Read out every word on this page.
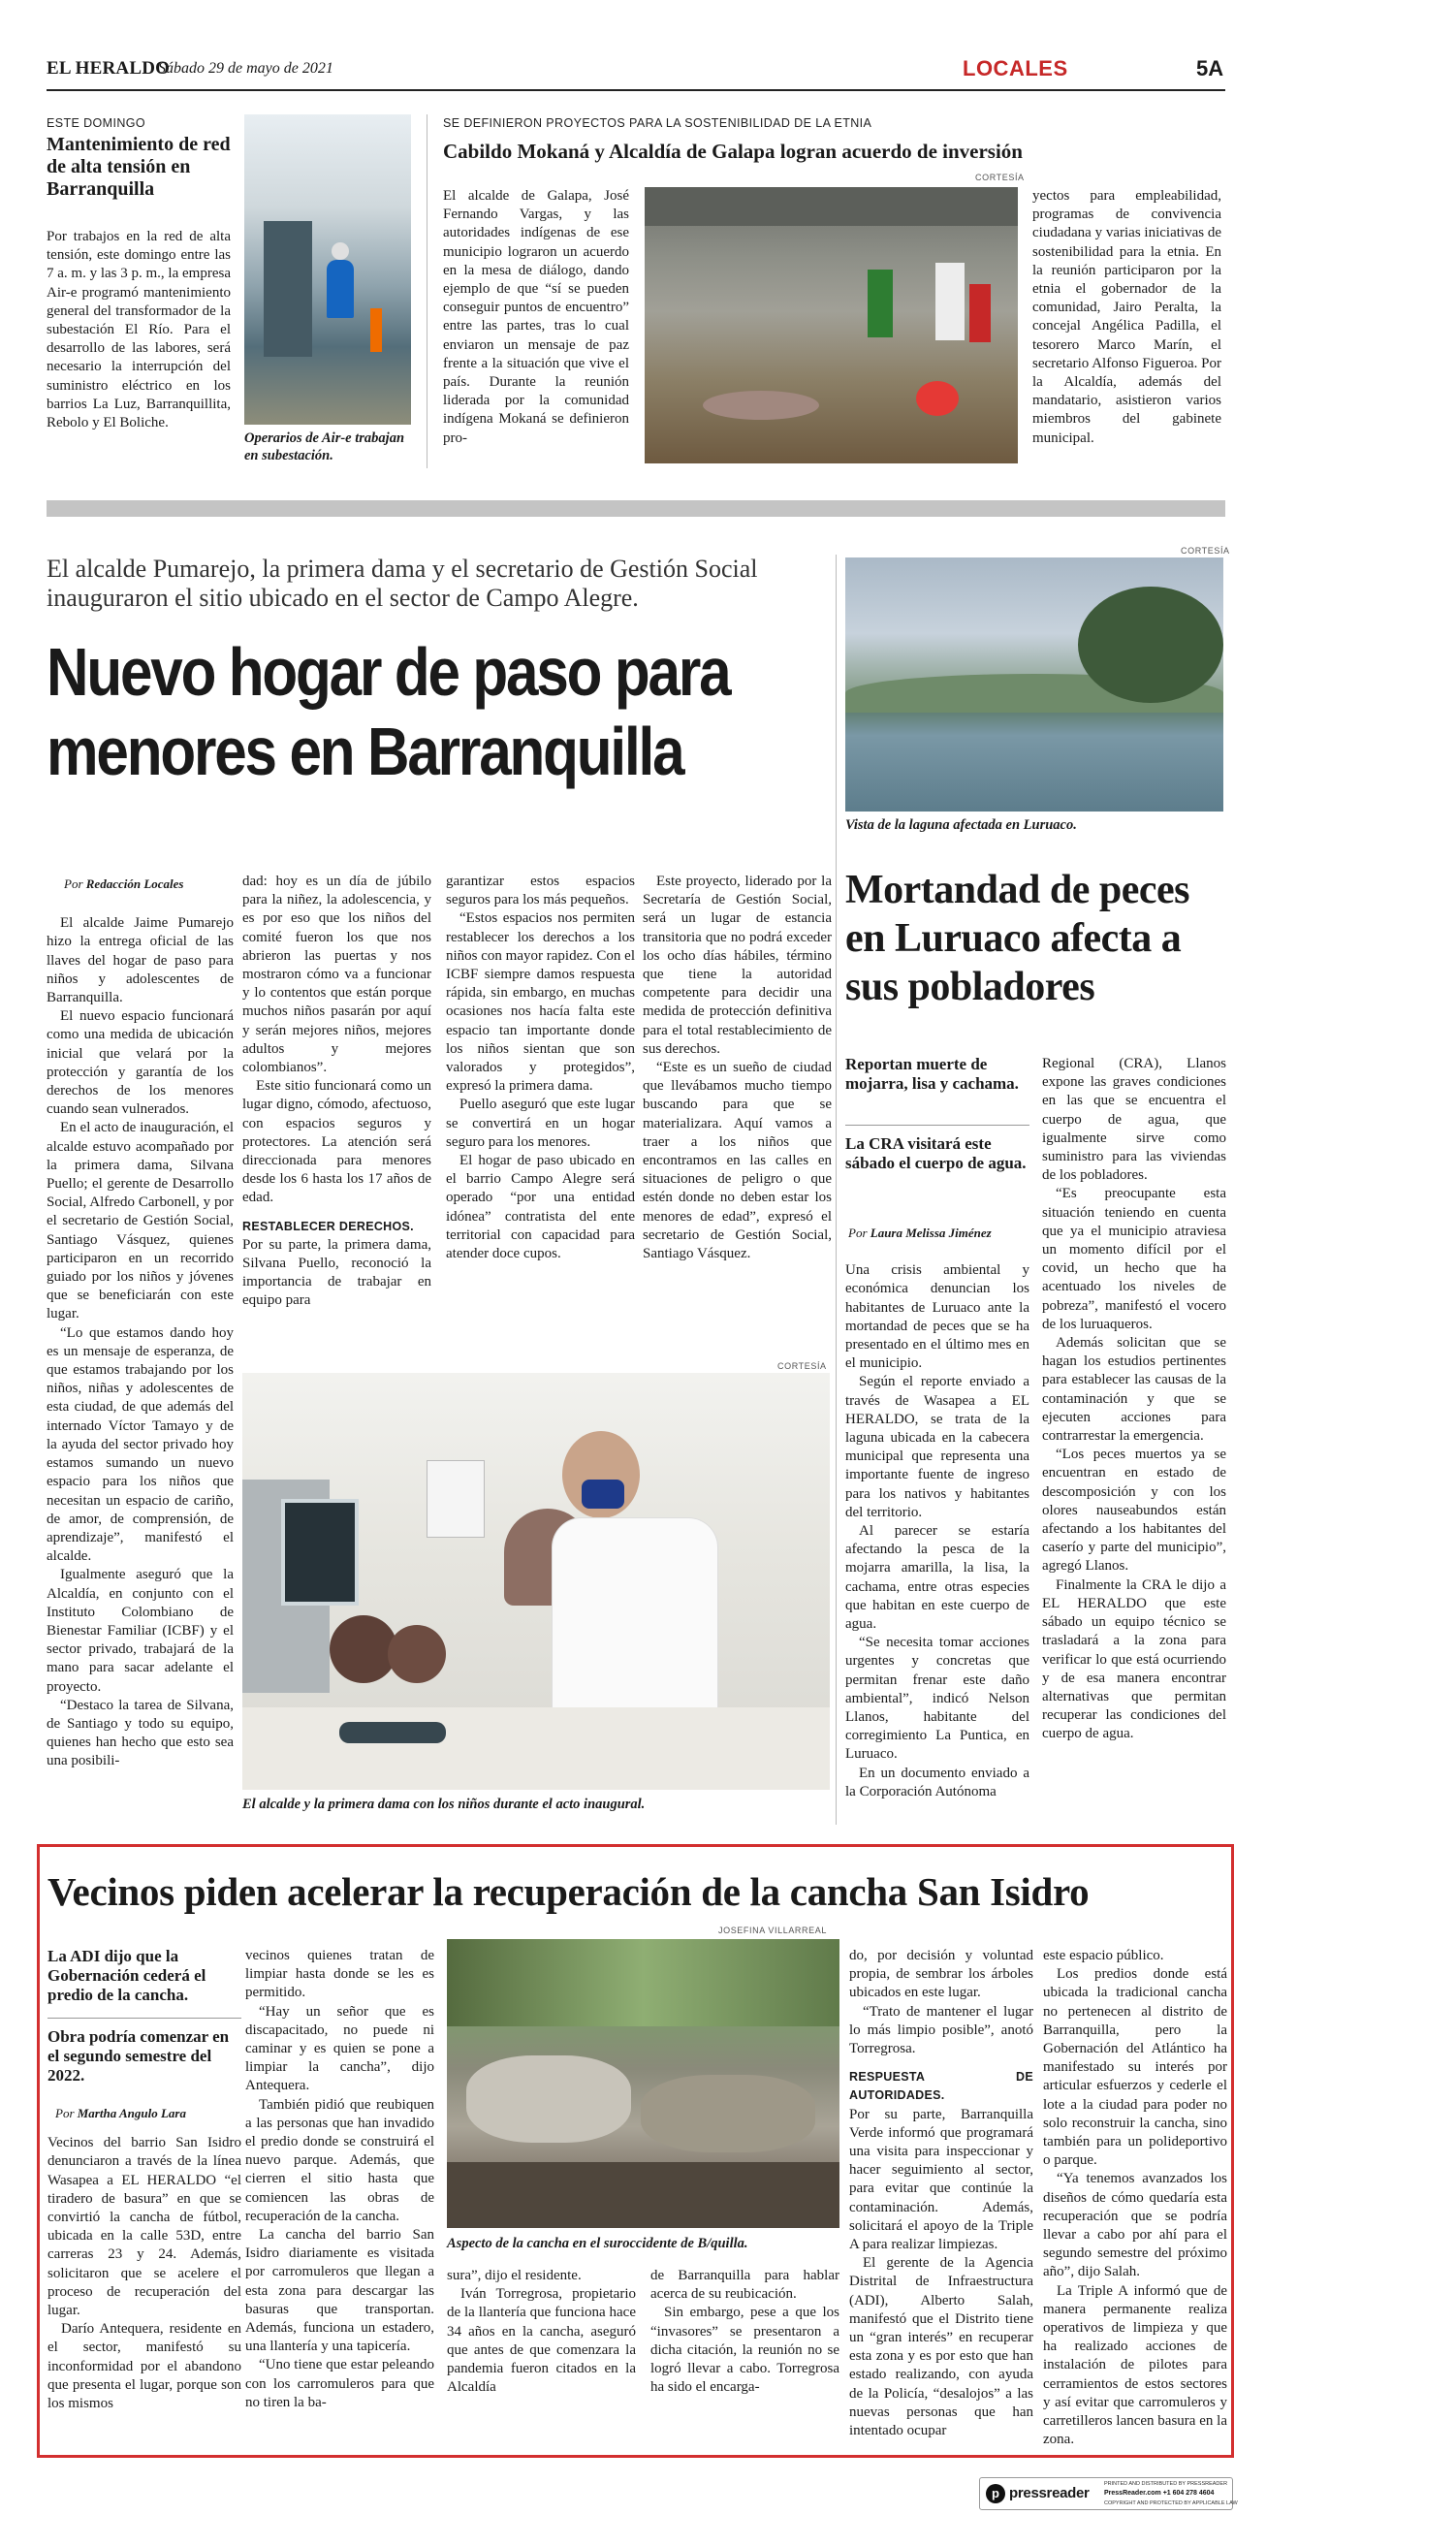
EL HERALDO
Sábado 29 de mayo de 2021	LOCALES	5A
ESTE DOMINGO
Mantenimiento de red de alta tensión en Barranquilla

Por trabajos en la red de alta tensión, este domingo entre las 7 a. m. y las 3 p. m., la empresa Air-e programó mantenimiento general del transformador de la subestación El Río. Para el desarrollo de las labores, será necesario la interrupción del suministro eléctrico en los barrios La Luz, Barranquillita, Rebolo y El Boliche.

Operarios de Air-e trabajan en subestación.
SE DEFINIERON PROYECTOS PARA LA SOSTENIBILIDAD DE LA ETNIA
Cabildo Mokaná y Alcaldía de Galapa logran acuerdo de inversión
CORTESÍA

El alcalde de Galapa, José Fernando Vargas, y las autoridades indígenas de ese municipio lograron un acuerdo en la mesa de diálogo, dando ejemplo de que “sí se pueden conseguir puntos de encuentro” entre las partes, tras lo cual enviaron un mensaje de paz frente a la situación que vive el país. Durante la reunión liderada por la comunidad indígena Mokaná se definieron pro-

yectos para empleabilidad, programas de convivencia ciudadana y varias iniciativas de sostenibilidad para la etnia. En la reunión participaron por la etnia el gobernador de la comunidad, Jairo Peralta, la concejal Angélica Padilla, el tesorero Marco Marín, el secretario Alfonso Figueroa. Por la Alcaldía, además del mandatario, asistieron varios miembros del gabinete municipal.

El alcalde Pumarejo, la primera dama y el secretario de Gestión Social inauguraron el sitio ubicado en el sector de Campo Alegre.
Nuevo hogar de paso para menores en Barranquilla
Por Redacción Locales

El alcalde Jaime Pumarejo hizo la entrega oficial de las llaves del hogar de paso para niños y adolescentes de Barranquilla.

El nuevo espacio funcionará como una medida de ubicación inicial que velará por la protección y garantía de los derechos de los menores cuando sean vulnerados.

En el acto de inauguración, el alcalde estuvo acompañado por la primera dama, Silvana Puello; el gerente de Desarrollo Social, Alfredo Carbonell, y por el secretario de Gestión Social, Santiago Vásquez, quienes participaron en un recorrido guiado por los niños y jóvenes que se beneficiarán con este lugar.

“Lo que estamos dando hoy es un mensaje de esperanza, de que estamos trabajando por los niños, niñas y adolescentes de esta ciudad, de que además del internado Víctor Tamayo y de la ayuda del sector privado hoy estamos sumando un nuevo espacio para los niños que necesitan un espacio de cariño, de amor, de comprensión, de aprendizaje”, manifestó el alcalde.

Igualmente aseguró que la Alcaldía, en conjunto con el Instituto Colombiano de Bienestar Familiar (ICBF) y el sector privado, trabajará de la mano para sacar adelante el proyecto.

“Destaco la tarea de Silvana, de Santiago y todo su equipo, quienes han hecho que esto sea una posibili-

dad: hoy es un día de júbilo para la niñez, la adolescencia, y es por eso que los niños del comité fueron los que nos abrieron las puertas y nos mostraron cómo va a funcionar y lo contentos que están porque muchos niños pasarán por aquí y serán mejores niños, mejores adultos y mejores colombianos”.

Este sitio funcionará como un lugar digno, cómodo, afectuoso, con espacios seguros y protectores. La atención será direccionada para menores desde los 6 hasta los 17 años de edad.

RESTABLECER DERECHOS.

Por su parte, la primera dama, Silvana Puello, reconoció la importancia de trabajar en equipo para

garantizar estos espacios seguros para los más pequeños.

“Estos espacios nos permiten restablecer los derechos a los niños con mayor rapidez. Con el ICBF siempre damos respuesta rápida, sin embargo, en muchas ocasiones nos hacía falta este espacio tan importante donde los niños sientan que son valorados y protegidos”, expresó la primera dama.

Puello aseguró que este lugar se convertirá en un hogar seguro para los menores.

El hogar de paso ubicado en el barrio Campo Alegre será operado “por una entidad idónea” contratista del ente territorial con capacidad para atender doce cupos.

Este proyecto, liderado por la Secretaría de Gestión Social, será un lugar de estancia transitoria que no podrá exceder los ocho días hábiles, término que tiene la autoridad competente para decidir una medida de protección definitiva para el total restablecimiento de sus derechos.

“Este es un sueño de ciudad que llevábamos mucho tiempo buscando para que se materializara. Aquí vamos a traer a los niños que encontramos en las calles en situaciones de peligro o que estén donde no deben estar los menores de edad”, expresó el secretario de Gestión Social, Santiago Vásquez.

CORTESÍA
El alcalde y la primera dama con los niños durante el acto inaugural.
CORTESÍA
Vista de la laguna afectada en Luruaco.
Mortandad de peces en Luruaco afecta a sus pobladores
Reportan muerte de mojarra, lisa y cachama.
La CRA visitará este sábado el cuerpo de agua.
Por Laura Melissa Jiménez

Una crisis ambiental y económica denuncian los habitantes de Luruaco ante la mortandad de peces que se ha presentado en el último mes en el municipio.

Según el reporte enviado a través de Wasapea a EL HERALDO, se trata de la laguna ubicada en la cabecera municipal que representa una importante fuente de ingreso para los nativos y habitantes del territorio.

Al parecer se estaría afectando la pesca de la mojarra amarilla, la lisa, la cachama, entre otras especies que habitan en este cuerpo de agua.

“Se necesita tomar acciones urgentes y concretas que permitan frenar este daño ambiental”, indicó Nelson Llanos, habitante del corregimiento La Puntica, en Luruaco.

En un documento enviado a la Corporación Autónoma

Regional (CRA), Llanos expone las graves condiciones en las que se encuentra el cuerpo de agua, que igualmente sirve como suministro para las viviendas de los pobladores.

“Es preocupante esta situación teniendo en cuenta que ya el municipio atraviesa un momento difícil por el covid, un hecho que ha acentuado los niveles de pobreza”, manifestó el vocero de los luruaqueros.

Además solicitan que se hagan los estudios pertinentes para establecer las causas de la contaminación y que se ejecuten acciones para contrarrestar la emergencia.

“Los peces muertos ya se encuentran en estado de descomposición y con los olores nauseabundos están afectando a los habitantes del caserío y parte del municipio”, agregó Llanos.

Finalmente la CRA le dijo a EL HERALDO que este sábado un equipo técnico se trasladará a la zona para verificar lo que está ocurriendo y de esa manera encontrar alternativas que permitan recuperar las condiciones del cuerpo de agua.

Vecinos piden acelerar la recuperación de la cancha San Isidro
JOSEFINA VILLARREAL
La ADI dijo que la Gobernación cederá el predio de la cancha.
Obra podría comenzar en el segundo semestre del 2022.
Por Martha Angulo Lara

Vecinos del barrio San Isidro denunciaron a través de la línea Wasapea a EL HERALDO “el tiradero de basura” en que se convirtió la cancha de fútbol, ubicada en la calle 53D, entre carreras 23 y 24. Además, solicitaron que se acelere el proceso de recuperación del lugar.

Darío Antequera, residente en el sector, manifestó su inconformidad por el abandono que presenta el lugar, porque son los mismos

vecinos quienes tratan de limpiar hasta donde se les es permitido.

“Hay un señor que es discapacitado, no puede ni caminar y es quien se pone a limpiar la cancha”, dijo Antequera.

También pidió que reubiquen a las personas que han invadido el predio donde se construirá el nuevo parque. Además, que cierren el sitio hasta que comiencen las obras de recuperación de la cancha.

La cancha del barrio San Isidro diariamente es visitada por carromuleros que llegan a esta zona para descargar las basuras que transportan. Además, funciona un estadero, una llantería y una tapicería.

“Uno tiene que estar peleando con los carromuleros para que no tiren la ba-

Aspecto de la cancha en el suroccidente de B/quilla.

sura”, dijo el residente.

Iván Torregrosa, propietario de la llantería que funciona hace 34 años en la cancha, aseguró que antes de que comenzara la pandemia fueron citados en la Alcaldía

de Barranquilla para hablar acerca de su reubicación.

Sin embargo, pese a que los “invasores” se presentaron a dicha citación, la reunión no se logró llevar a cabo. Torregrosa ha sido el encarga-

do, por decisión y voluntad propia, de sembrar los árboles ubicados en este lugar.

“Trato de mantener el lugar lo más limpio posible”, anotó Torregrosa.

RESPUESTA DE AUTORIDADES.

Por su parte, Barranquilla Verde informó que programará una visita para inspeccionar y hacer seguimiento al sector, para evitar que continúe la contaminación. Además, solicitará el apoyo de la Triple A para realizar limpiezas.

El gerente de la Agencia Distrital de Infraestructura (ADI), Alberto Salah, manifestó que el Distrito tiene un “gran interés” en recuperar esta zona y es por esto que han estado realizando, con ayuda de la Policía, “desalojos” a las nuevas personas que han intentado ocupar

este espacio público.

Los predios donde está ubicada la tradicional cancha no pertenecen al distrito de Barranquilla, pero la Gobernación del Atlántico ha manifestado su interés por articular esfuerzos y cederle el lote a la ciudad para poder no solo reconstruir la cancha, sino también para un polideportivo o parque.

“Ya tenemos avanzados los diseños de cómo quedaría esta recuperación que se podría llevar a cabo por ahí para el segundo semestre del próximo año”, dijo Salah.

La Triple A informó que de manera permanente realiza operativos de limpieza y que ha realizado acciones de instalación de pilotes para cerramientos de estos sectores y así evitar que carromuleros y carretilleros lancen basura en la zona.

p pressreader
PRINTED AND DISTRIBUTED BY PRESSREADER
PressReader.com +1 604 278 4604
COPYRIGHT AND PROTECTED BY APPLICABLE LAW
